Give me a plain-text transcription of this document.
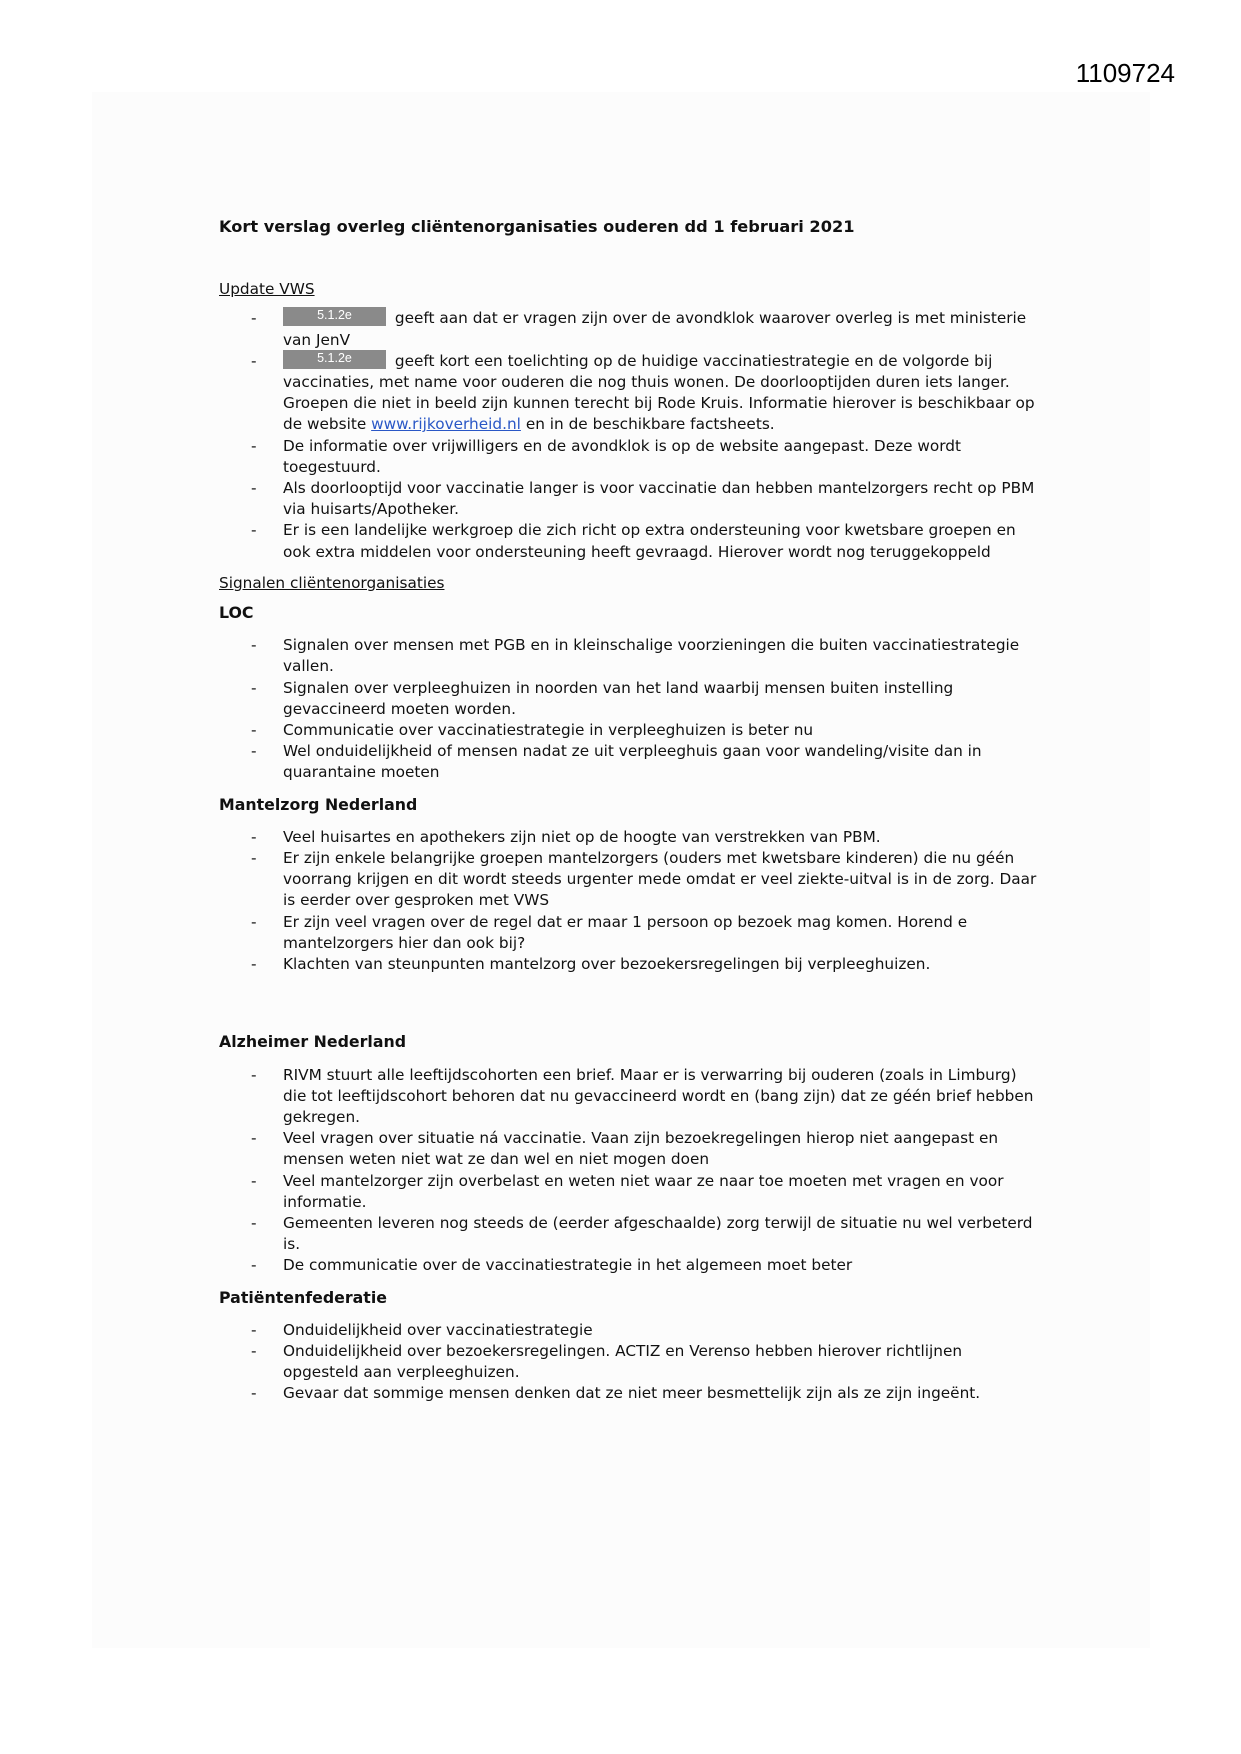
1109724
Kort verslag overleg cliëntenorganisaties ouderen dd 1 februari 2021
Update VWS
- 5.1.2e	geeft aan dat er vragen zijn over de avondklok waarover overleg is met ministerie van JenV
- 5.1.2e	geeft kort een toelichting op de huidige vaccinatiestrategie en de volgorde bij vaccinaties, met name voor ouderen die nog thuis wonen. De doorlooptijden duren iets langer. Groepen die niet in beeld zijn kunnen terecht bij Rode Kruis. Informatie hierover is beschikbaar op de website www.rijkoverheid.nl en in de beschikbare factsheets.
- De informatie over vrijwilligers en de avondklok is op de website aangepast. Deze wordt toegestuurd.
- Als doorlooptijd voor vaccinatie langer is voor vaccinatie dan hebben mantelzorgers recht op PBM via huisarts/Apotheker.
- Er is een landelijke werkgroep die zich richt op extra ondersteuning voor kwetsbare groepen en ook extra middelen voor ondersteuning heeft gevraagd. Hierover wordt nog teruggekoppeld
Signalen cliëntenorganisaties
LOC
- Signalen over mensen met PGB en in kleinschalige voorzieningen die buiten vaccinatiestrategie vallen.
- Signalen over verpleeghuizen in noorden van het land waarbij mensen buiten instelling gevaccineerd moeten worden.
- Communicatie over vaccinatiestrategie in verpleeghuizen is beter nu
- Wel onduidelijkheid of mensen nadat ze uit verpleeghuis gaan voor wandeling/visite dan in quarantaine moeten
Mantelzorg Nederland
- Veel huisartes en apothekers zijn niet op de hoogte van verstrekken van PBM.
- Er zijn enkele belangrijke groepen mantelzorgers (ouders met kwetsbare kinderen) die nu géén voorrang krijgen en dit wordt steeds urgenter mede omdat er veel ziekte-uitval is in de zorg. Daar is eerder over gesproken met VWS
- Er zijn veel vragen over de regel dat er maar 1 persoon op bezoek mag komen. Horend e mantelzorgers hier dan ook bij?
- Klachten van steunpunten mantelzorg over bezoekersregelingen bij verpleeghuizen.
Alzheimer Nederland
- RIVM stuurt alle leeftijdscohorten een brief. Maar er is verwarring bij ouderen (zoals in Limburg) die tot leeftijdscohort behoren dat nu gevaccineerd wordt en (bang zijn) dat ze géén brief hebben gekregen.
- Veel vragen over situatie ná vaccinatie. Vaan zijn bezoekregelingen hierop niet aangepast en mensen weten niet wat ze dan wel en niet mogen doen
- Veel mantelzorger zijn overbelast en weten niet waar ze naar toe moeten met vragen en voor informatie.
- Gemeenten leveren nog steeds de (eerder afgeschaalde) zorg terwijl de situatie nu wel verbeterd is.
- De communicatie over de vaccinatiestrategie in het algemeen moet beter
Patiëntenfederatie
- Onduidelijkheid over vaccinatiestrategie
- Onduidelijkheid over bezoekersregelingen. ACTIZ en Verenso hebben hierover richtlijnen opgesteld aan verpleeghuizen.
- Gevaar dat sommige mensen denken dat ze niet meer besmettelijk zijn als ze zijn ingeënt.
